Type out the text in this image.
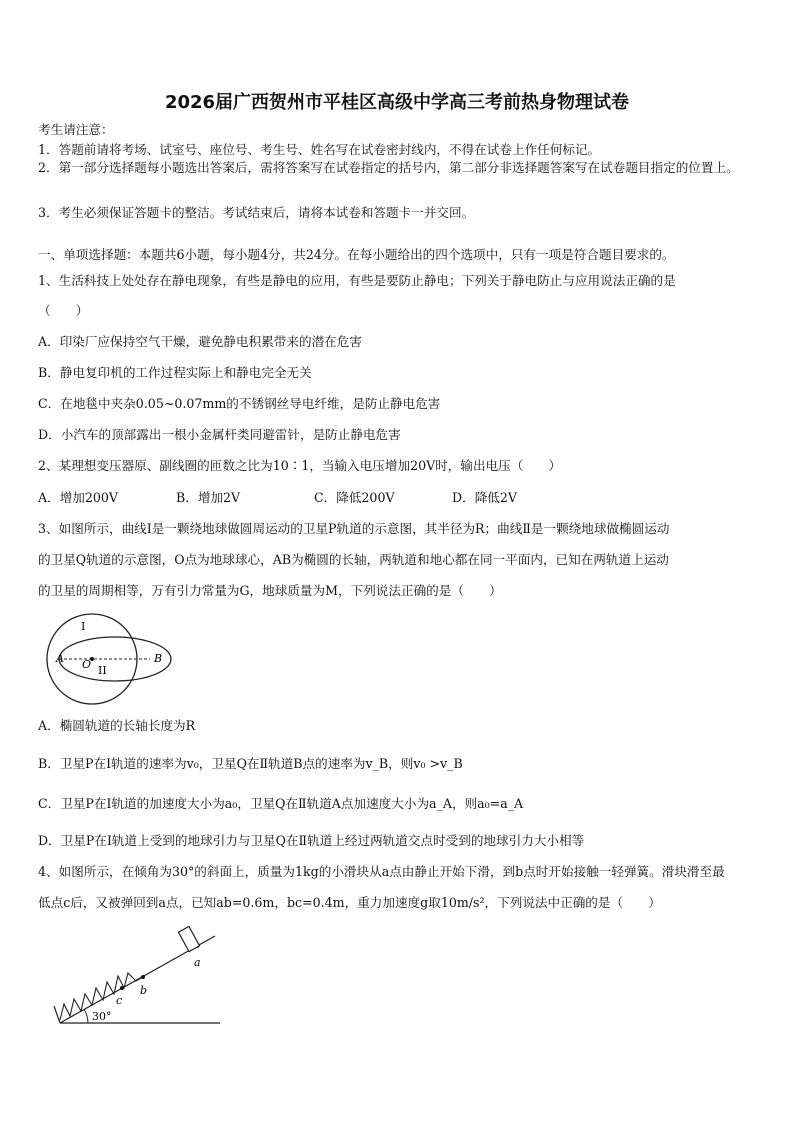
2026届广西贺州市平桂区高级中学高三考前热身物理试卷
考生请注意：
1．答题前请将考场、试室号、座位号、考生号、姓名写在试卷密封线内，不得在试卷上作任何标记。
2．第一部分选择题每小题选出答案后，需将答案写在试卷指定的括号内，第二部分非选择题答案写在试卷题目指定的位置上。
3．考生必须保证答题卡的整洁。考试结束后，请将本试卷和答题卡一并交回。
一、单项选择题：本题共6小题，每小题4分，共24分。在每小题给出的四个选项中，只有一项是符合题目要求的。
1、生活科技上处处存在静电现象，有些是静电的应用，有些是要防止静电；下列关于静电防止与应用说法正确的是
（　　）
A．印染厂应保持空气干燥，避免静电积累带来的潜在危害
B．静电复印机的工作过程实际上和静电完全无关
C．在地毯中夹杂0.05~0.07mm的不锈钢丝导电纤维，是防止静电危害
D．小汽车的顶部露出一根小金属杆类同避雷针，是防止静电危害
2、某理想变压器原、副线圈的匝数之比为10∶1，当输入电压增加20V时，输出电压（　　）
A．增加200V	B．增加2V	C．降低200V	D．降低2V
3、如图所示，曲线Ⅰ是一颗绕地球做圆周运动的卫星P轨道的示意图，其半径为R；曲线Ⅱ是一颗绕地球做椭圆运动
的卫星Q轨道的示意图，O点为地球球心，AB为椭圆的长轴，两轨道和地心都在同一平面内，已知在两轨道上运动
的卫星的周期相等，万有引力常量为G，地球质量为M，下列说法正确的是（　　）
I
II
A O	B
A．椭圆轨道的长轴长度为R
B．卫星P在Ⅰ轨道的速率为v₀，卫星Q在Ⅱ轨道B点的速率为v_B，则v₀ >v_B
C．卫星P在Ⅰ轨道的加速度大小为a₀，卫星Q在Ⅱ轨道A点加速度大小为a_A，则a₀=a_A
D．卫星P在Ⅰ轨道上受到的地球引力与卫星Q在Ⅱ轨道上经过两轨道交点时受到的地球引力大小相等
4、如图所示，在倾角为30°的斜面上，质量为1kg的小滑块从a点由静止开始下滑，到b点时开始接触一轻弹簧。滑块滑至最
低点c后，又被弹回到a点，已知ab=0.6m，bc=0.4m，重力加速度g取10m/s²，下列说法中正确的是（　　）
30°
c
b
a
